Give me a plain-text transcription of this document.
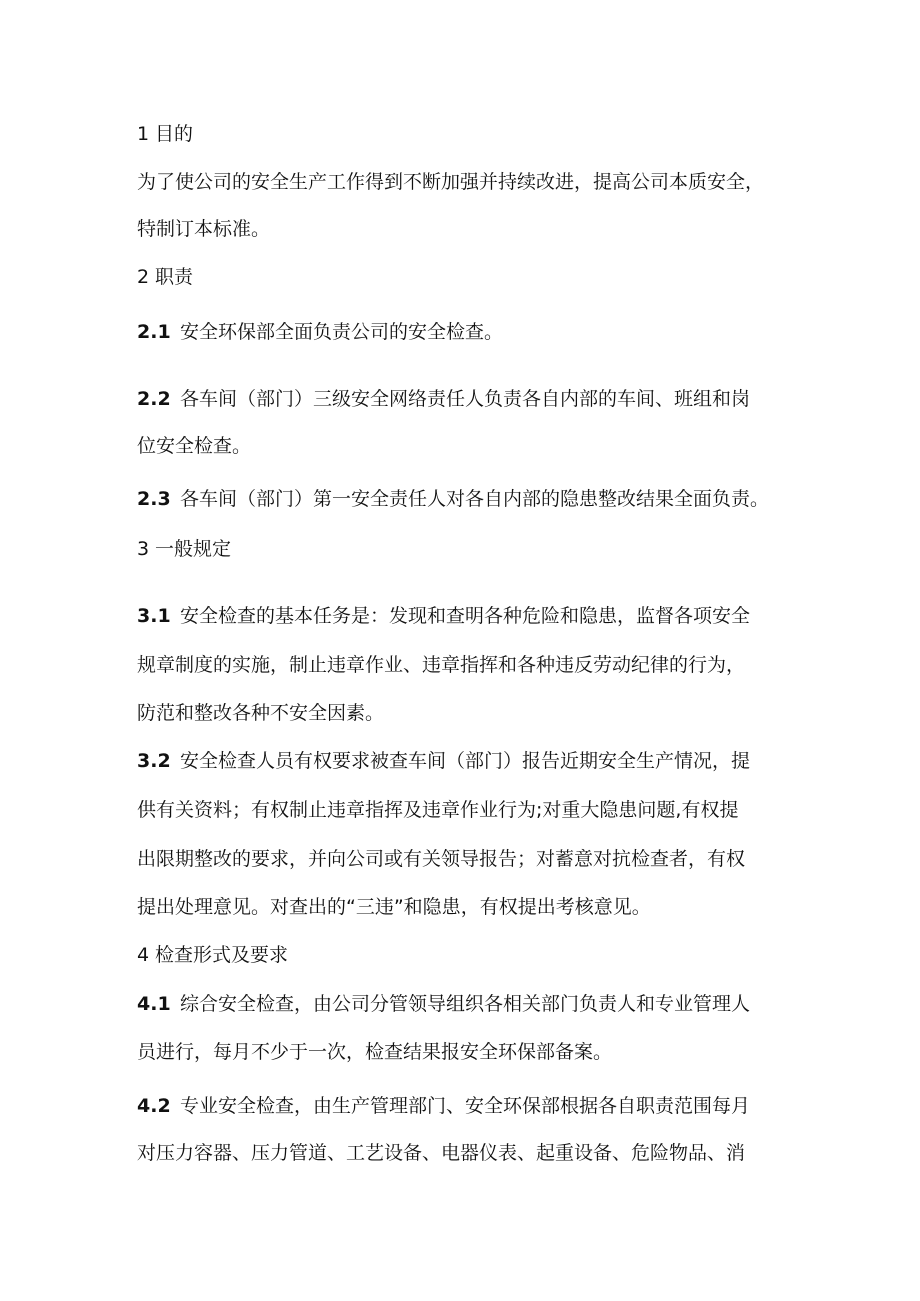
1 目的
为了使公司的安全生产工作得到不断加强并持续改进，提高公司本质安全，
特制订本标准。
2 职责
2.1 安全环保部全面负责公司的安全检查。
2.2 各车间（部门）三级安全网络责任人负责各自内部的车间、班组和岗
位安全检查。
2.3 各车间（部门）第一安全责任人对各自内部的隐患整改结果全面负责。
3 一般规定
3.1 安全检查的基本任务是：发现和查明各种危险和隐患，监督各项安全
规章制度的实施，制止违章作业、违章指挥和各种违反劳动纪律的行为，
防范和整改各种不安全因素。
3.2 安全检查人员有权要求被查车间（部门）报告近期安全生产情况，提
供有关资料；有权制止违章指挥及违章作业行为;对重大隐患问题,有权提
出限期整改的要求，并向公司或有关领导报告；对蓄意对抗检查者，有权
提出处理意见。对查出的“三违”和隐患，有权提出考核意见。
4 检查形式及要求
4.1 综合安全检查，由公司分管领导组织各相关部门负责人和专业管理人
员进行，每月不少于一次，检查结果报安全环保部备案。
4.2 专业安全检查，由生产管理部门、安全环保部根据各自职责范围每月
对压力容器、压力管道、工艺设备、电器仪表、起重设备、危险物品、消
